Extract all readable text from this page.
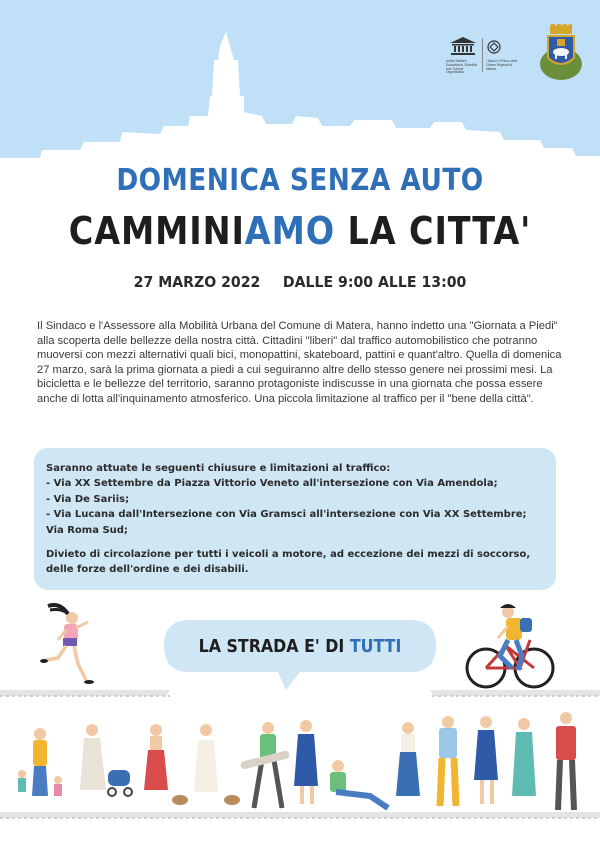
United Nations Educational, Scientific and Cultural Organization
I Sassi e il Parco delle Chiese Rupestri di Matera
DOMENICA SENZA AUTO
CAMMINIAMO LA CITTA'
27 MARZO 2022 DALLE 9:00 ALLE 13:00
Il Sindaco e l'Assessore alla Mobilità Urbana del Comune di Matera, hanno indetto una "Giornata a Piedi" alla scoperta delle bellezze della nostra città. Cittadini "liberi" dal traffico automobilistico che potranno muoversi con mezzi alternativi quali bici, monopattini, skateboard, pattini e quant'altro. Quella di domenica 27 marzo, sarà la prima giornata a piedi a cui seguiranno altre dello stesso genere nei prossimi mesi. La bicicletta e le bellezze del territorio, saranno protagoniste indiscusse in una giornata che possa essere anche di lotta all'inquinamento atmosferico. Una piccola limitazione al traffico per il "bene della città".
Saranno attuate le seguenti chiusure e limitazioni al traffico:
- Via XX Settembre da Piazza Vittorio Veneto all'intersezione con Via Amendola;
- Via De Sariis;
- Via Lucana dall'Intersezione con Via Gramsci all'intersezione con Via XX Settembre;
Via Roma Sud;
Divieto di circolazione per tutti i veicoli a motore, ad eccezione dei mezzi di soccorso,
delle forze dell'ordine e dei disabili.
LA STRADA E' DI TUTTI
